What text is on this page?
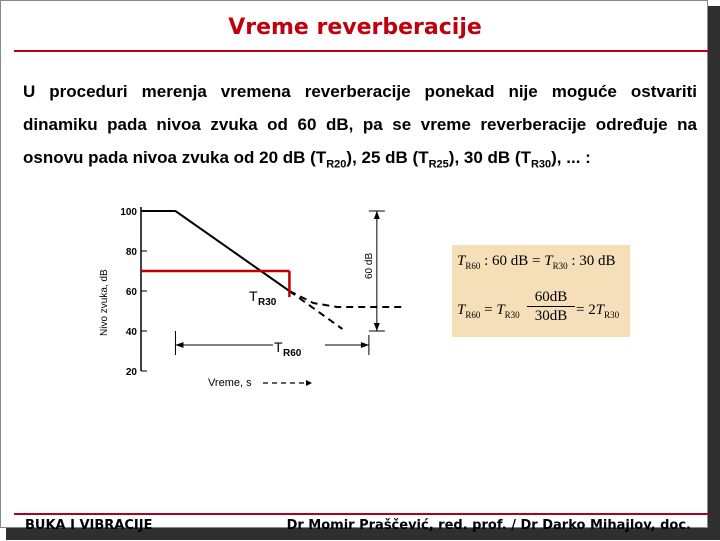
Vreme reverberacije
U proceduri merenja vremena reverberacije ponekad nije moguće ostvariti
dinamiku pada nivoa zvuka od 60 dB, pa se vreme reverberacije određuje na
osnovu pada nivoa zvuka od 20 dB $(T_{R20})$, 25 dB $(T_{R25})$, 30 dB $(T_{R30})$, ... :
100
80
60
40
20
Nivo zvuka, dB
Vreme, s
T R30
T R60
60 dB	$T_{R60}$ : 60 dB = $T_{R30}$ : 30 dB
$T_{R60} = T_{R30} \frac{60dB}{30dB} = 2T_{R30}$
BUKA I VIBRACIJE	Dr Momir Praščević, red. prof. / Dr Darko Mihajlov, doc.
